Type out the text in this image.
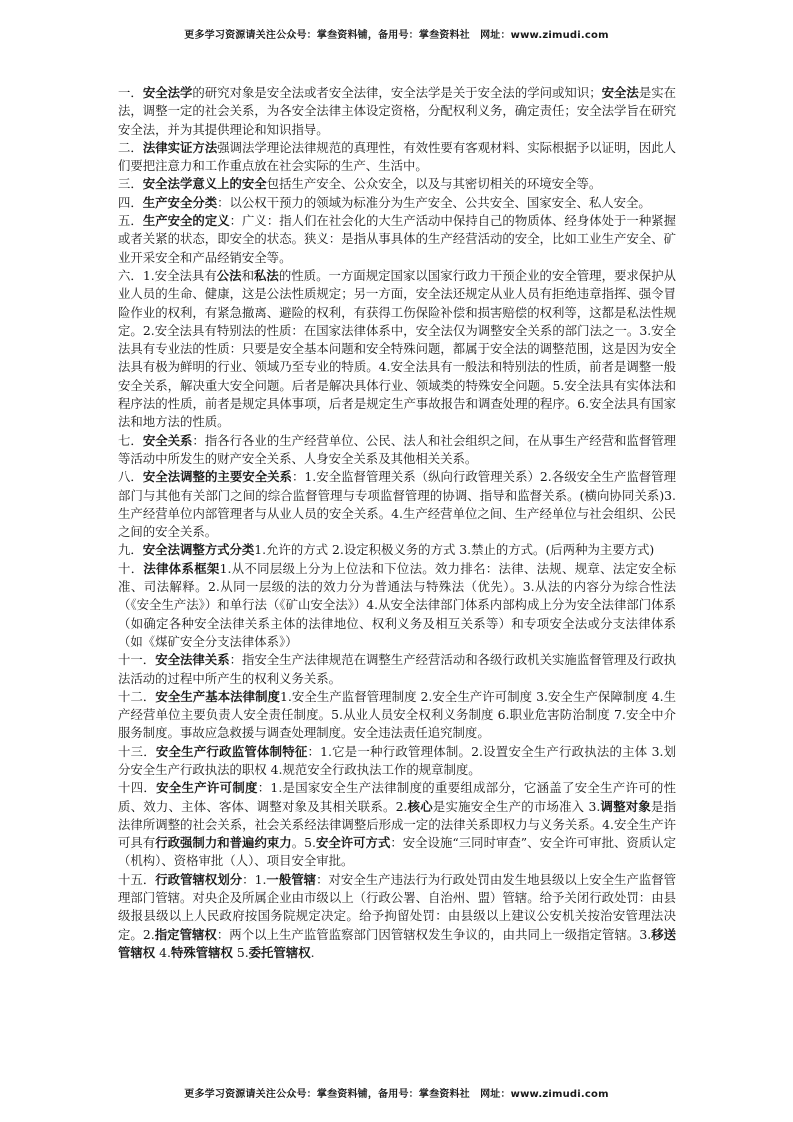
更多学习资源请关注公众号：掌叁资料铺，备用号：掌叁资料社　网址：www.zimudi.com

一．安全法学的研究对象是安全法或者安全法律，安全法学是关于安全法的学问或知识；安全法是实在法，调整一定的社会关系，为各安全法律主体设定资格，分配权利义务，确定责任；安全法学旨在研究安全法，并为其提供理论和知识指导。

二．法律实证方法强调法学理论法律规范的真理性，有效性要有客观材料、实际根据予以证明，因此人们要把注意力和工作重点放在社会实际的生产、生活中。

三．安全法学意义上的安全包括生产安全、公众安全，以及与其密切相关的环境安全等。

四．生产安全分类：以公权干预力的领域为标准分为生产安全、公共安全、国家安全、私人安全。

五．生产安全的定义：广义：指人们在社会化的大生产活动中保持自己的物质体、经身体处于一种紧握或者关紧的状态，即安全的状态。狭义：是指从事具体的生产经营活动的安全，比如工业生产安全、矿业开采安全和产品经销安全等。

六．1.安全法具有公法和私法的性质。一方面规定国家以国家行政力干预企业的安全管理，要求保护从业人员的生命、健康，这是公法性质规定；另一方面，安全法还规定从业人员有拒绝违章指挥、强令冒险作业的权利，有紧急撤离、避险的权利，有获得工伤保险补偿和损害赔偿的权利等，这都是私法性规定。2.安全法具有特别法的性质：在国家法律体系中，安全法仅为调整安全关系的部门法之一。3.安全法具有专业法的性质：只要是安全基本问题和安全特殊问题，都属于安全法的调整范围，这是因为安全法具有极为鲜明的行业、领域乃至专业的特质。4.安全法具有一般法和特别法的性质，前者是调整一般安全关系，解决重大安全问题。后者是解决具体行业、领域类的特殊安全问题。5.安全法具有实体法和程序法的性质，前者是规定具体事项，后者是规定生产事故报告和调查处理的程序。6.安全法具有国家法和地方法的性质。

七．安全关系：指各行各业的生产经营单位、公民、法人和社会组织之间，在从事生产经营和监督管理等活动中所发生的财产安全关系、人身安全关系及其他相关关系。

八．安全法调整的主要安全关系：1.安全监督管理关系（纵向行政管理关系）2.各级安全生产监督管理部门与其他有关部门之间的综合监督管理与专项监督管理的协调、指导和监督关系。(横向协同关系)3.生产经营单位内部管理者与从业人员的安全关系。4.生产经营单位之间、生产经单位与社会组织、公民之间的安全关系。

九．安全法调整方式分类1.允许的方式 2.设定积极义务的方式 3.禁止的方式。(后两种为主要方式)

十．法律体系框架1.从不同层级上分为上位法和下位法。效力排名：法律、法规、规章、法定安全标准、司法解释。2.从同一层级的法的效力分为普通法与特殊法（优先）。3.从法的内容分为综合性法（《安全生产法》）和单行法（《矿山安全法》）4.从安全法律部门体系内部构成上分为安全法律部门体系（如确定各种安全法律关系主体的法律地位、权利义务及相互关系等）和专项安全法或分支法律体系（如《煤矿安全分支法律体系》）

十一．安全法律关系：指安全生产法律规范在调整生产经营活动和各级行政机关实施监督管理及行政执法活动的过程中所产生的权利义务关系。

十二．安全生产基本法律制度1.安全生产监督管理制度 2.安全生产许可制度 3.安全生产保障制度 4.生产经营单位主要负责人安全责任制度。5.从业人员安全权利义务制度 6.职业危害防治制度 7.安全中介服务制度。事故应急救援与调查处理制度。安全违法责任追究制度。

十三．安全生产行政监管体制特征：1.它是一种行政管理体制。2.设置安全生产行政执法的主体 3.划分安全生产行政执法的职权 4.规范安全行政执法工作的规章制度。

十四．安全生产许可制度：1.是国家安全生产法律制度的重要组成部分，它涵盖了安全生产许可的性质、效力、主体、客体、调整对象及其相关联系。2.核心是实施安全生产的市场准入 3.调整对象是指法律所调整的社会关系，社会关系经法律调整后形成一定的法律关系即权力与义务关系。4.安全生产许可具有行政强制力和普遍约束力。5.安全许可方式：安全设施“三同时审查”、安全许可审批、资质认定（机构）、资格审批（人）、项目安全审批。

十五．行政管辖权划分：1.一般管辖：对安全生产违法行为行政处罚由发生地县级以上安全生产监督管理部门管辖。对央企及所属企业由市级以上（行政公署、自治州、盟）管辖。给予关闭行政处罚：由县级报县级以上人民政府按国务院规定决定。给予拘留处罚：由县级以上建议公安机关按治安管理法决定。2.指定管辖权：两个以上生产监管监察部门因管辖权发生争议的，由共同上一级指定管辖。3.移送管辖权 4.特殊管辖权 5.委托管辖权.

更多学习资源请关注公众号：掌叁资料铺，备用号：掌叁资料社　网址：www.zimudi.com
